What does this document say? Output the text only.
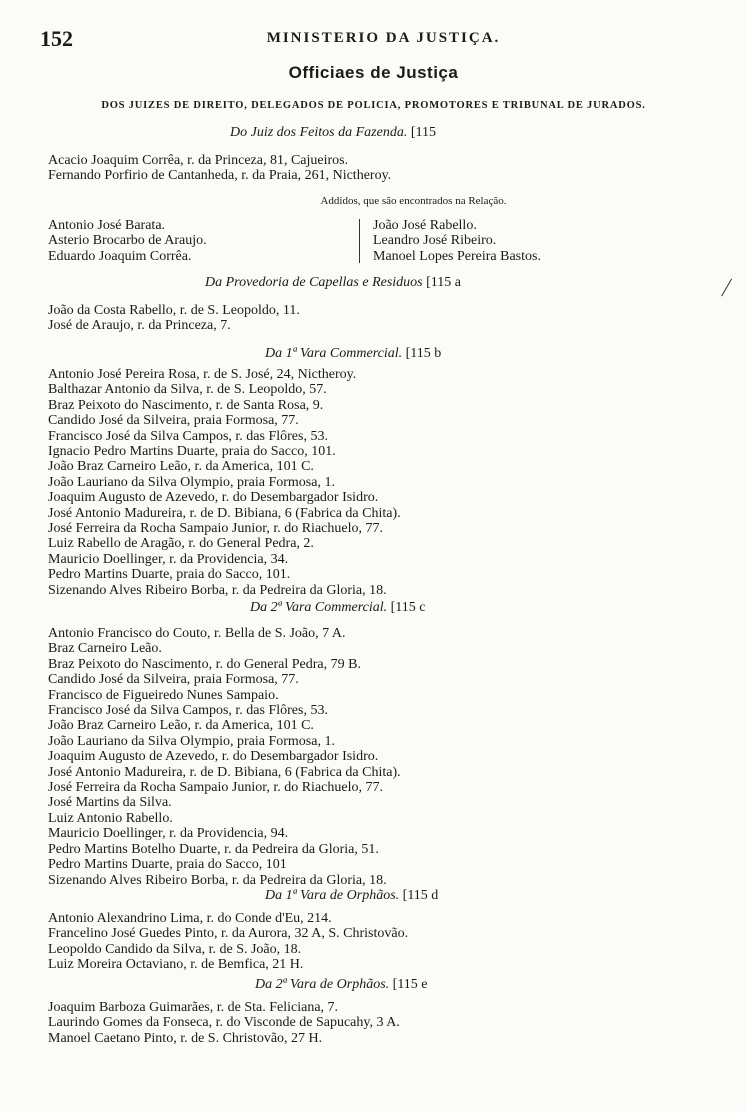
152	MINISTERIO DA JUSTIÇA.
Officiaes de Justiça
DOS JUIZES DE DIREITO, DELEGADOS DE POLICIA, PROMOTORES E TRIBUNAL DE JURADOS.
Do Juiz dos Feitos da Fazenda. [115
Acacio Joaquim Corrêa, r. da Princeza, 81, Cajueiros.
Fernando Porfirio de Cantanheda, r. da Praia, 261, Nictheroy.
Addidos, que são encontrados na Relação.
Antonio José Barata.
Asterio Brocarbo de Araujo.
Eduardo Joaquim Corrêa.
João José Rabello.
Leandro José Ribeiro.
Manoel Lopes Pereira Bastos.
Da Provedoria de Capellas e Residuos [115 a
João da Costa Rabello, r. de S. Leopoldo, 11.
José de Araujo, r. da Princeza, 7.
Da 1ª Vara Commercial. [115 b
Antonio José Pereira Rosa, r. de S. José, 24, Nictheroy.
Balthazar Antonio da Silva, r. de S. Leopoldo, 57.
Braz Peixoto do Nascimento, r. de Santa Rosa, 9.
Candido José da Silveira, praia Formosa, 77.
Francisco José da Silva Campos, r. das Flôres, 53.
Ignacio Pedro Martins Duarte, praia do Sacco, 101.
João Braz Carneiro Leão, r. da America, 101 C.
João Lauriano da Silva Olympio, praia Formosa, 1.
Joaquim Augusto de Azevedo, r. do Desembargador Isidro.
José Antonio Madureira, r. de D. Bibiana, 6 (Fabrica da Chita).
José Ferreira da Rocha Sampaio Junior, r. do Riachuelo, 77.
Luiz Rabello de Aragão, r. do General Pedra, 2.
Mauricio Doellinger, r. da Providencia, 34.
Pedro Martins Duarte, praia do Sacco, 101.
Sizenando Alves Ribeiro Borba, r. da Pedreira da Gloria, 18.
Da 2ª Vara Commercial. [115 c
Antonio Francisco do Couto, r. Bella de S. João, 7 A.
Braz Carneiro Leão.
Braz Peixoto do Nascimento, r. do General Pedra, 79 B.
Candido José da Silveira, praia Formosa, 77.
Francisco de Figueiredo Nunes Sampaio.
Francisco José da Silva Campos, r. das Flôres, 53.
João Braz Carneiro Leão, r. da America, 101 C.
João Lauriano da Silva Olympio, praia Formosa, 1.
Joaquim Augusto de Azevedo, r. do Desembargador Isidro.
José Antonio Madureira, r. de D. Bibiana, 6 (Fabrica da Chita).
José Ferreira da Rocha Sampaio Junior, r. do Riachuelo, 77.
José Martins da Silva.
Luiz Antonio Rabello.
Mauricio Doellinger, r. da Providencia, 94.
Pedro Martins Botelho Duarte, r. da Pedreira da Gloria, 51.
Pedro Martins Duarte, praia do Sacco, 101
Sizenando Alves Ribeiro Borba, r. da Pedreira da Gloria, 18.
Da 1ª Vara de Orphãos. [115 d
Antonio Alexandrino Lima, r. do Conde d'Eu, 214.
Francelino José Guedes Pinto, r. da Aurora, 32 A, S. Christovão.
Leopoldo Candido da Silva, r. de S. João, 18.
Luiz Moreira Octaviano, r. de Bemfica, 21 H.
Da 2ª Vara de Orphãos. [115 e
Joaquim Barboza Guimarães, r. de Sta. Feliciana, 7.
Laurindo Gomes da Fonseca, r. do Visconde de Sapucahy, 3 A.
Manoel Caetano Pinto, r. de S. Christovão, 27 H.
